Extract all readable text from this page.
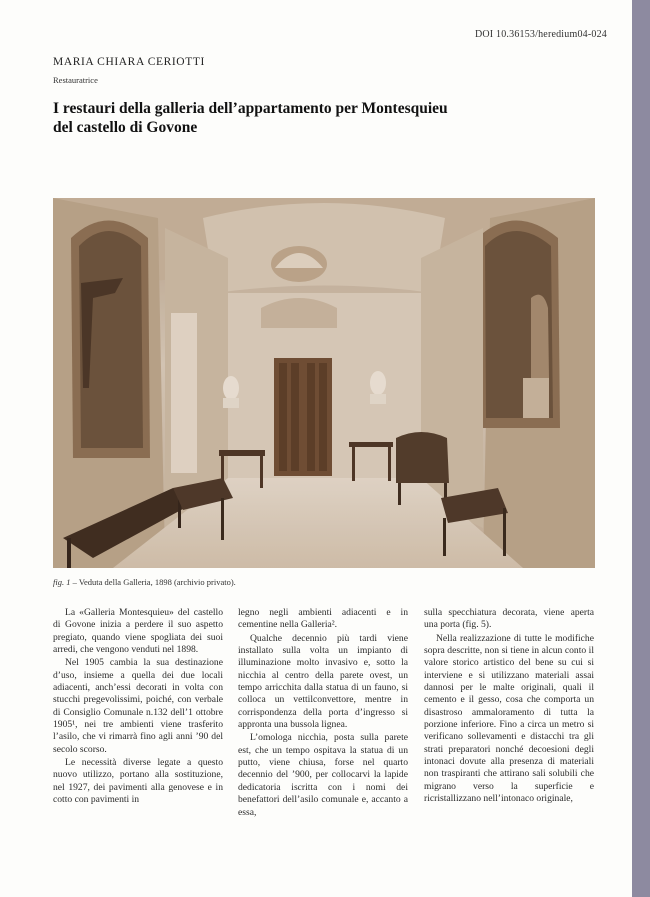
DOI 10.36153/heredium04-024
MARIA CHIARA CERIOTTI
Restauratrice
I restauri della galleria dell’appartamento per Montesquieu
del castello di Govone
fig. 1 – Veduta della Galleria, 1898 (archivio privato).

La «Galleria Montesquieu» del castello di Govone inizia a perdere il suo aspetto pregiato, quando viene spogliata dei suoi arredi, che vengono venduti nel 1898.

Nel 1905 cambia la sua destinazione d’uso, insieme a quella dei due locali adiacenti, anch’essi decorati in volta con stucchi pregevolissimi, poiché, con verbale di Consiglio Comunale n.132 dell’1 ottobre 1905¹, nei tre ambienti viene trasferito l’asilo, che vi rimarrà fino agli anni ’90 del secolo scorso.

Le necessità diverse legate a questo nuovo utilizzo, portano alla sostituzione, nel 1927, dei pavimenti alla genovese e in cotto con pavimenti in

legno negli ambienti adiacenti e in cementine nella Galleria².

Qualche decennio più tardi viene installato sulla volta un impianto di illuminazione molto invasivo e, sotto la nicchia al centro della parete ovest, un tempo arricchita dalla statua di un fauno, si colloca un vettilconvettore, mentre in corrispondenza della porta d’ingresso si approntа una bussola lignea.

L’omologa nicchia, posta sulla parete est, che un tempo ospitava la statua di un putto, viene chiusa, forse nel quarto decennio del ’900, per collocarvi la lapide dedicatoria iscritta con i nomi dei benefattori dell’asilo comunale e, accanto a essa,

sulla specchiatura decorata, viene aperta una porta (fig. 5).

Nella realizzazione di tutte le modifiche sopra descritte, non si tiene in alcun conto il valore storico artistico del bene su cui si interviene e si utilizzano materiali assai dannosi per le malte originali, quali il cemento e il gesso, cosa che comporta un disastroso ammaloramento di tutta la porzione inferiore. Fino a circa un metro si verificano sollevamenti e distacchi tra gli strati preparatori nonché decoesioni degli intonaci dovute alla presenza di materiali non traspiranti che attirano sali solubili che migrano verso la superficie e ricristallizzano nell’intonaco originale,
